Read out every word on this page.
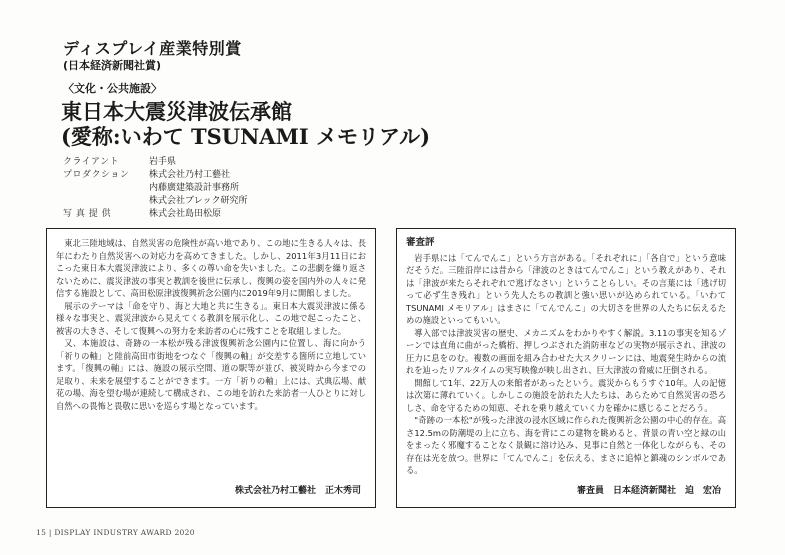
ディスプレイ産業特別賞
(日本経済新聞社賞)
〈文化・公共施設〉
東日本大震災津波伝承館
(愛称:いわて TSUNAMI メモリアル)
クライアント	岩手県
プロダクション	株式会社乃村工藝社
内藤廣建築設計事務所
株式会社ブレック研究所
写 真 提 供	株式会社島田松原

東北三陸地域は、自然災害の危険性が高い地であり、この地に生きる人々は、長年にわたり自然災害への対応力を高めてきました。しかし、2011年3月11日におこった東日本大震災津波により、多くの尊い命を失いました。この悲劇を繰り返さないために、震災津波の事実と教訓を後世に伝承し、復興の姿を国内外の人々に発信する施設として、高田松原津波復興祈念公園内に2019年9月に開館しました。

展示のテーマは「命を守り、海と大地と共に生きる」。東日本大震災津波に係る様々な事実と、震災津波から見えてくる教訓を展示化し、この地で起こったこと、被害の大きさ、そして復興への努力を来訪者の心に残すことを取組しました。

又、本施設は、奇跡の一本松が残る津波復興祈念公園内に位置し、海に向かう「祈りの軸」と陸前高田市街地をつなぐ「復興の軸」が交差する箇所に立地しています。「復興の軸」には、施設の展示空間、道の駅等が並び、被災時から今までの足取り、未来を展望することができます。一方「祈りの軸」上には、式典広場、献花の場、海を望む場が連続して構成され、この地を訪れた来訪者一人ひとりに対し自然への畏怖と畏敬に思いを巡らす場となっています。

株式会社乃村工藝社　正木秀司
審査評

岩手県には「てんでんこ」という方言がある。「それぞれに」「各自で」という意味だそうだ。三陸沿岸には昔から「津波のときはてんでんこ」という教えがあり、それは「津波が来たらそれぞれで逃げなさい」ということらしい。その言葉には「逃げ切って必ず生き残れ」という先人たちの教訓と強い思いが込められている。「いわて TSUNAMI メモリアル」はまさに「てんでんこ」の大切さを世界の人たちに伝えるための施設といってもいい。

導入部では津波災害の歴史、メカニズムをわかりやすく解説。3.11の事実を知るゾーンでは直角に曲がった橋桁、押しつぶされた消防車などの実物が展示され、津波の圧力に息をのむ。複数の画面を組み合わせた大スクリーンには、地震発生時からの流れを辿ったリアルタイムの実写映像が映し出され、巨大津波の脅威に圧倒される。

開館して1年、22万人の来館者があったという。震災からもうすぐ10年。人の記憶は次第に薄れていく。しかしこの施設を訪れた人たちは、あらためて自然災害の恐ろしさ、命を守るための知恵、それを乗り越えていく力を確かに感じることだろう。

"奇跡の一本松"が残った津波の浸水区域に作られた復興祈念公園の中心的存在。高さ12.5mの防潮堤の上に立ち、海を背にこの建物を眺めると、背景の青い空と緑の山をまったく邪魔することなく景観に溶け込み、見事に自然と一体化しながらも、その存在は光を放つ。世界に「てんでんこ」を伝える、まさに追悼と鎮魂のシンボルである。

審査員　日本経済新聞社　迫　宏冶
15 | DISPLAY INDUSTRY AWARD 2020
